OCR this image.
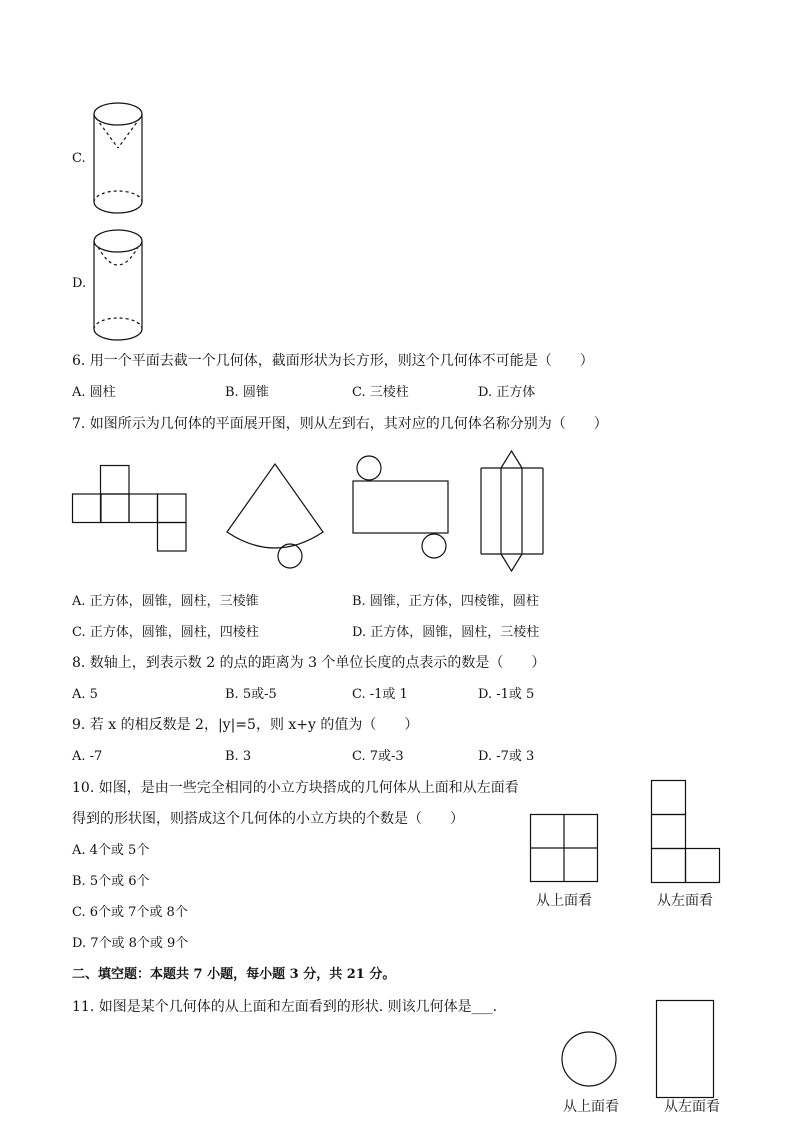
C.
D.
6. 用一个平面去截一个几何体，截面形状为长方形，则这个几何体不可能是（　　）
A. 圆柱	B. 圆锥	C. 三棱柱	D. 正方体
7. 如图所示为几何体的平面展开图，则从左到右，其对应的几何体名称分别为（　　）
A. 正方体，圆锥，圆柱，三棱锥	B. 圆锥，正方体，四棱锥，圆柱
C. 正方体，圆锥，圆柱，四棱柱	D. 正方体，圆锥，圆柱，三棱柱
8. 数轴上，到表示数 2 的点的距离为 3 个单位长度的点表示的数是（　　）
A. 5	B. 5或-5	C. -1或 1	D. -1或 5
9. 若 x 的相反数是 2，|y|=5，则 x+y 的值为（　　）
A. -7	B. 3	C. 7或-3	D. -7或 3
10. 如图，是由一些完全相同的小立方块搭成的几何体从上面和从左面看
得到的形状图，则搭成这个几何体的小立方块的个数是（　　）
A. 4个或 5个
B. 5个或 6个
C. 6个或 7个或 8个
D. 7个或 8个或 9个
从上面看	从左面看
二、填空题：本题共 7 小题，每小题 3 分，共 21 分。
11. 如图是某个几何体的从上面和左面看到的形状. 则该几何体是___.
从上面看	从左面看
